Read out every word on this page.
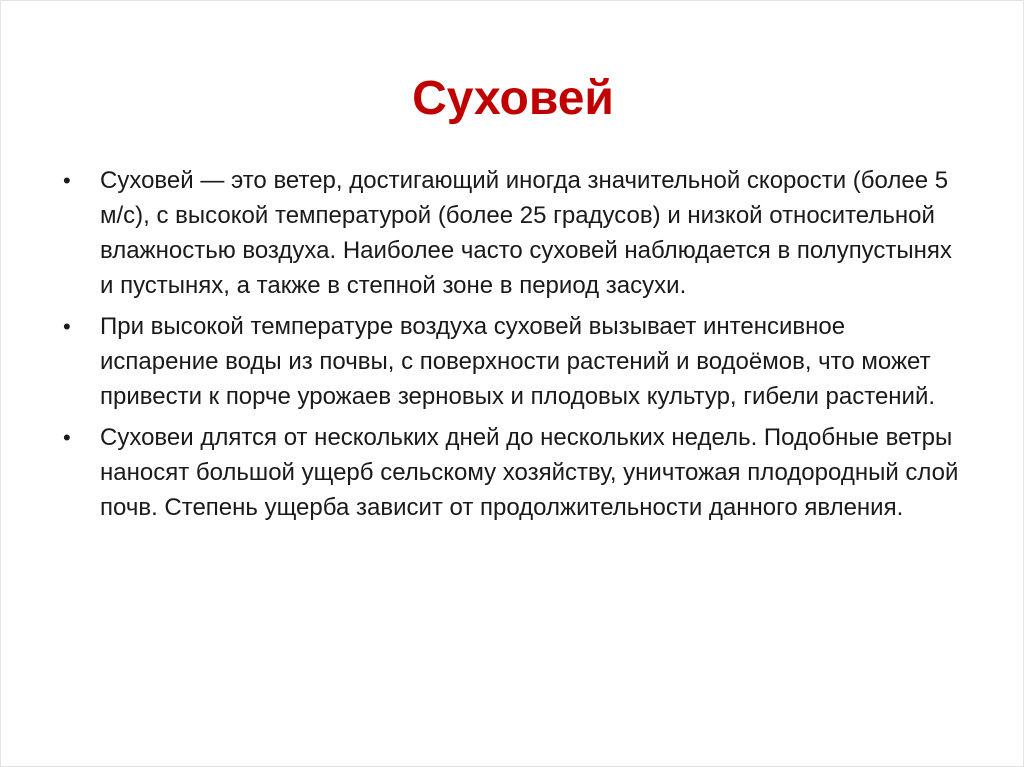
Суховей
•	Суховей — это ветер, достигающий иногда значительной скорости (более 5 м/с), с высокой температурой (более 25 градусов) и низкой относительной влажностью воздуха. Наиболее часто суховей наблюдается в полупустынях и пустынях, а также в степной зоне в период засухи.
•	При высокой температуре воздуха суховей вызывает интенсивное испарение воды из почвы, с поверхности растений и водоёмов, что может привести к порче урожаев зерновых и плодовых культур, гибели растений.
•	Суховеи длятся от нескольких дней до нескольких недель. Подобные ветры наносят большой ущерб сельскому хозяйству, уничтожая плодородный слой почв. Степень ущерба зависит от продолжительности данного явления.
